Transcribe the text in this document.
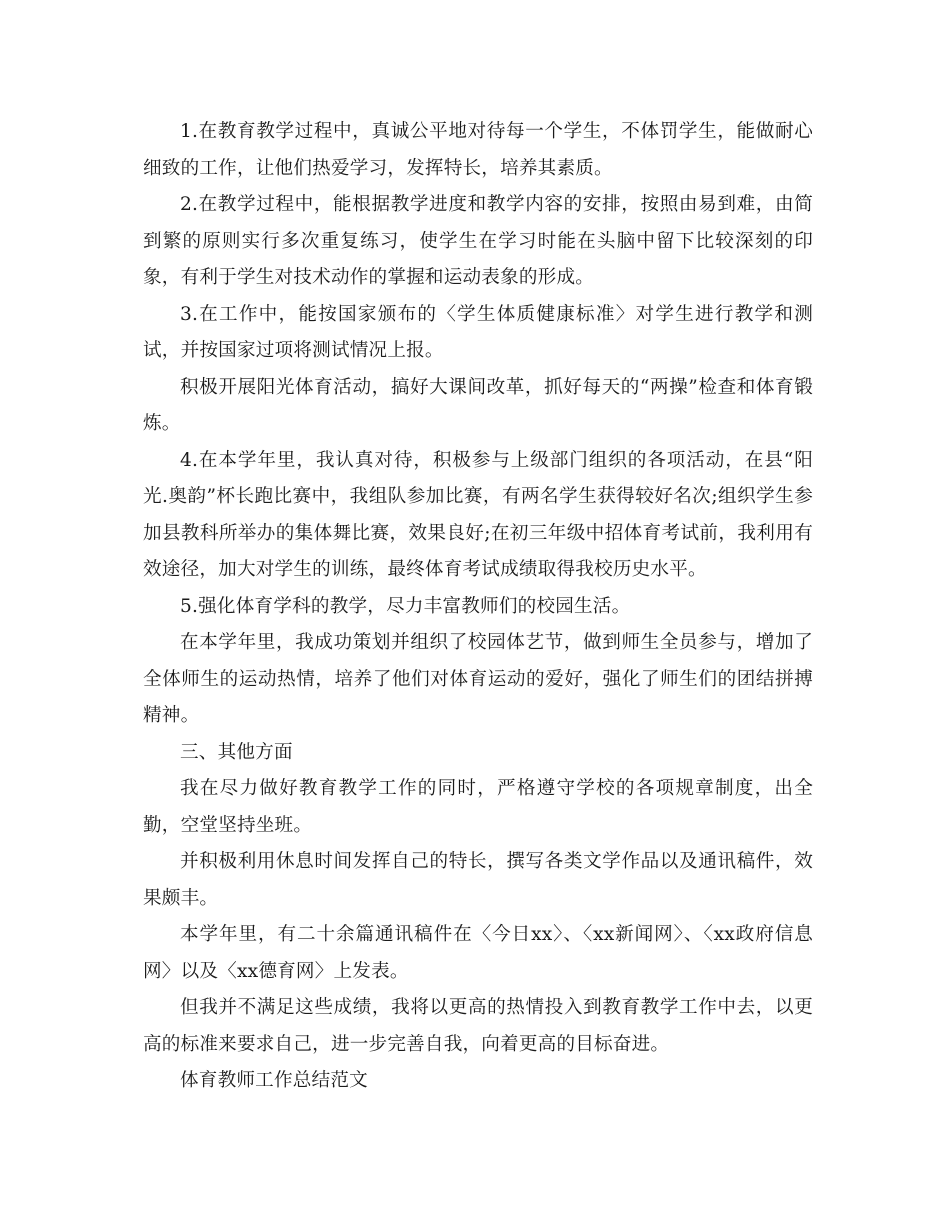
1.在教育教学过程中，真诚公平地对待每一个学生，不体罚学生，能做耐心细致的工作，让他们热爱学习，发挥特长，培养其素质。

2.在教学过程中，能根据教学进度和教学内容的安排，按照由易到难，由简到繁的原则实行多次重复练习，使学生在学习时能在头脑中留下比较深刻的印象，有利于学生对技术动作的掌握和运动表象的形成。

3.在工作中，能按国家颁布的〈学生体质健康标准〉对学生进行教学和测试，并按国家过项将测试情况上报。

积极开展阳光体育活动，搞好大课间改革，抓好每天的“两操”检查和体育锻炼。

4.在本学年里，我认真对待，积极参与上级部门组织的各项活动，在县“阳光.奥韵”杯长跑比赛中，我组队参加比赛，有两名学生获得较好名次;组织学生参加县教科所举办的集体舞比赛，效果良好;在初三年级中招体育考试前，我利用有效途径，加大对学生的训练，最终体育考试成绩取得我校历史水平。

5.强化体育学科的教学，尽力丰富教师们的校园生活。

在本学年里，我成功策划并组织了校园体艺节，做到师生全员参与，增加了全体师生的运动热情，培养了他们对体育运动的爱好，强化了师生们的团结拼搏精神。

三、其他方面

我在尽力做好教育教学工作的同时，严格遵守学校的各项规章制度，出全勤，空堂坚持坐班。

并积极利用休息时间发挥自己的特长，撰写各类文学作品以及通讯稿件，效果颇丰。

本学年里，有二十余篇通讯稿件在〈今日xx〉、〈xx新闻网〉、〈xx政府信息网〉以及〈xx德育网〉上发表。

但我并不满足这些成绩，我将以更高的热情投入到教育教学工作中去，以更高的标准来要求自己，进一步完善自我，向着更高的目标奋进。

体育教师工作总结范文
